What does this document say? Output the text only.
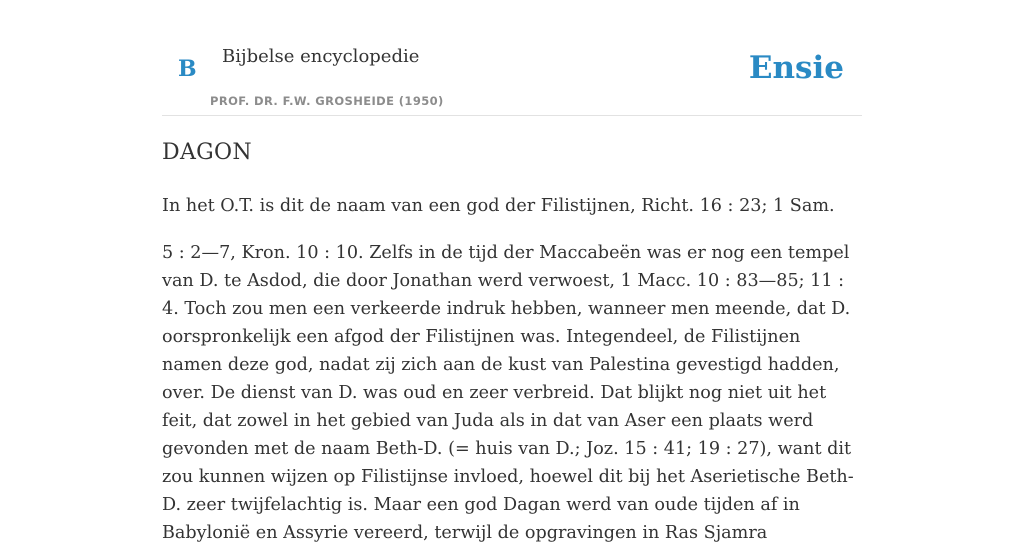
B Bijbelse encyclopedie
PROF. DR. F.W. GROSHEIDE (1950)
Ensie
DAGON

In het O.T. is dit de naam van een god der Filistijnen, Richt. 16 : 23; 1 Sam.

5 : 2—7, Kron. 10 : 10. Zelfs in de tijd der Maccabeën was er nog een tempel van D. te Asdod, die door Jonathan werd verwoest, 1 Macc. 10 : 83—85; 11 : 4. Toch zou men een verkeerde indruk hebben, wanneer men meende, dat D. oorspronkelijk een afgod der Filistijnen was. Integendeel, de Filistijnen namen deze god, nadat zij zich aan de kust van Palestina gevestigd hadden, over. De dienst van D. was oud en zeer verbreid. Dat blijkt nog niet uit het feit, dat zowel in het gebied van Juda als in dat van Aser een plaats werd gevonden met de naam Beth-D. (= huis van D.; Joz. 15 : 41; 19 : 27), want dit zou kunnen wijzen op Filistijnse invloed, hoewel dit bij het Aserietische Beth-D. zeer twijfelachtig is. Maar een god Dagan werd van oude tijden af in Babylonië en Assyrie vereerd, terwijl de opgravingen in Ras Sjamra
